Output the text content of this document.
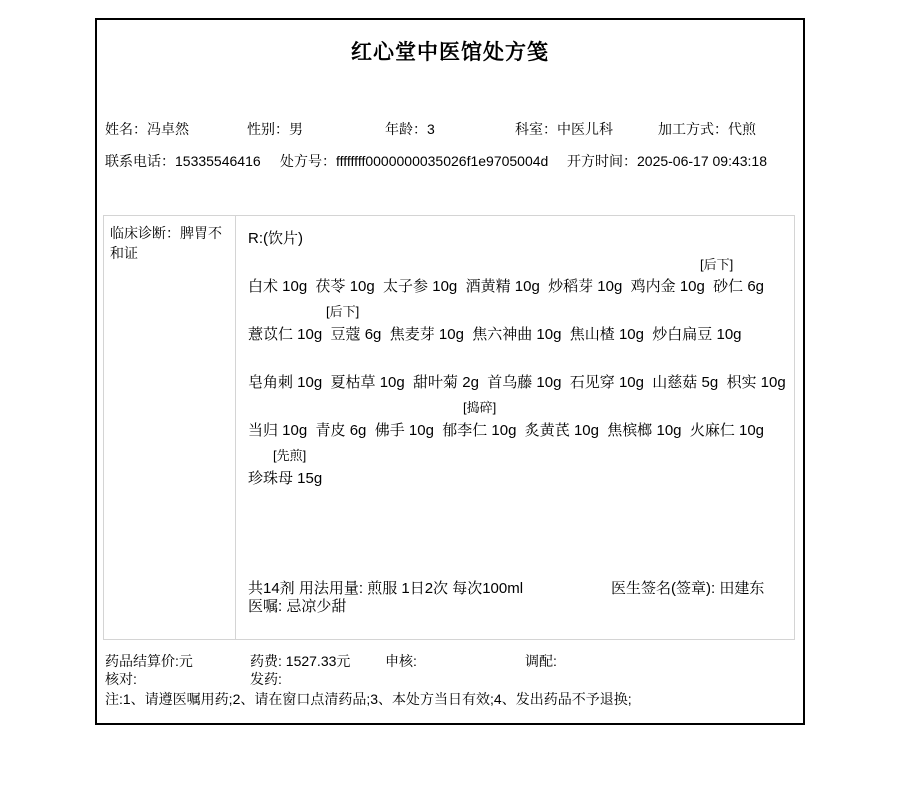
红心堂中医馆处方笺
姓名：冯卓然	性别：男	年龄：3	科室：中医儿科	加工方式：代煎
联系电话：15335546416 处方号：ffffffff0000000035026f1e9705004d 开方时间：2025-06-17 09:43:18
临床诊断：脾胃不和证
R:(饮片)
[后下]
白术 10g  茯苓 10g  太子参 10g  酒黄精 10g  炒稻芽 10g  鸡内金 10g  砂仁 6g
[后下]
薏苡仁 10g  豆蔻 6g  焦麦芽 10g  焦六神曲 10g  焦山楂 10g  炒白扁豆 10g
皂角刺 10g  夏枯草 10g  甜叶菊 2g  首乌藤 10g  石见穿 10g  山慈菇 5g  枳实 10g
[捣碎]
当归 10g  青皮 6g  佛手 10g  郁李仁 10g  炙黄芪 10g  焦槟榔 10g  火麻仁 10g
[先煎]
珍珠母 15g
共14剂 用法用量: 煎服 1日2次 每次100ml	医生签名(签章): 田建东
医嘱: 忌凉少甜
药品结算价:元	药费: 1527.33元 申核:	调配:
核对:	发药:
注:1、请遵医嘱用药;2、请在窗口点清药品;3、本处方当日有效;4、发出药品不予退换;
